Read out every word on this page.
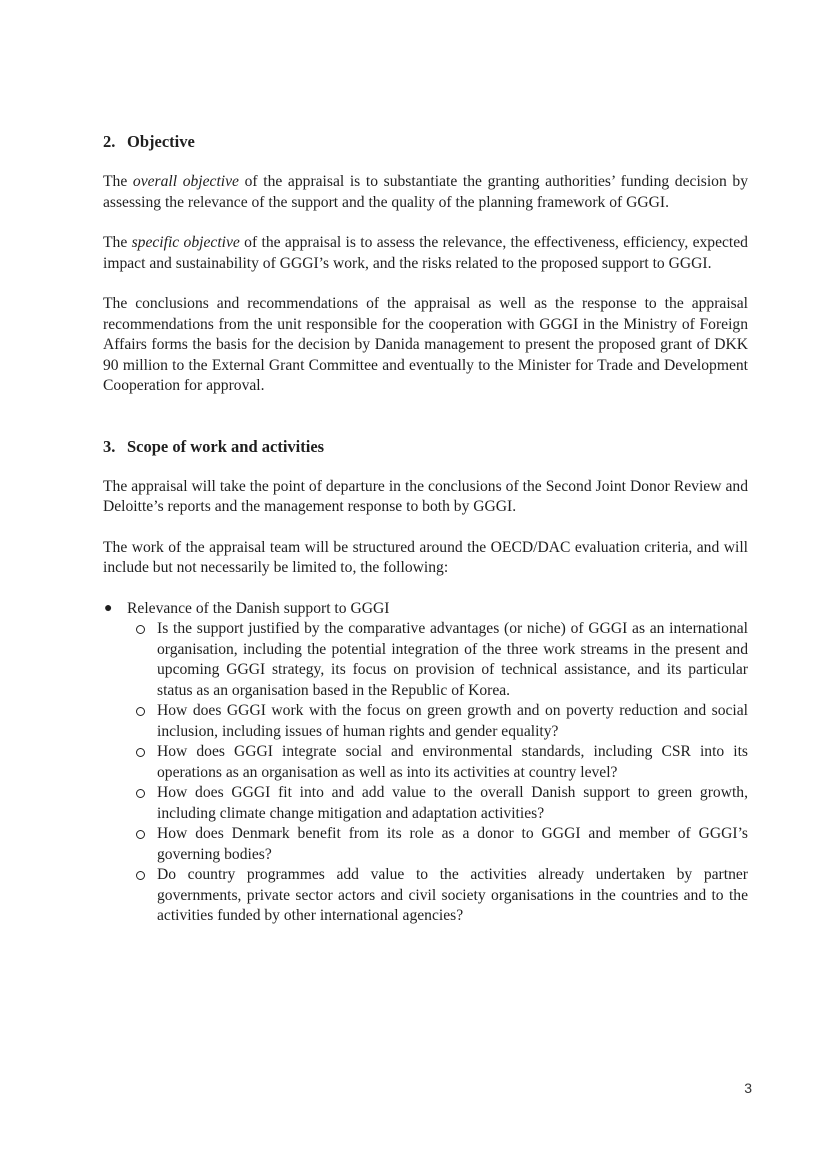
2. Objective

The overall objective of the appraisal is to substantiate the granting authorities’ funding decision by assessing the relevance of the support and the quality of the planning framework of GGGI.

The specific objective of the appraisal is to assess the relevance, the effectiveness, efficiency, expected impact and sustainability of GGGI’s work, and the risks related to the proposed support to GGGI.

The conclusions and recommendations of the appraisal as well as the response to the appraisal recommendations from the unit responsible for the cooperation with GGGI in the Ministry of Foreign Affairs forms the basis for the decision by Danida management to present the proposed grant of DKK 90 million to the External Grant Committee and eventually to the Minister for Trade and Development Cooperation for approval.

3. Scope of work and activities

The appraisal will take the point of departure in the conclusions of the Second Joint Donor Review and Deloitte’s reports and the management response to both by GGGI.

The work of the appraisal team will be structured around the OECD/DAC evaluation criteria, and will include but not necessarily be limited to, the following:

● Relevance of the Danish support to GGGI
Is the support justified by the comparative advantages (or niche) of GGGI as an international organisation, including the potential integration of the three work streams in the present and upcoming GGGI strategy, its focus on provision of technical assistance, and its particular status as an organisation based in the Republic of Korea.
How does GGGI work with the focus on green growth and on poverty reduction and social inclusion, including issues of human rights and gender equality?
How does GGGI integrate social and environmental standards, including CSR into its operations as an organisation as well as into its activities at country level?
How does GGGI fit into and add value to the overall Danish support to green growth, including climate change mitigation and adaptation activities?
How does Denmark benefit from its role as a donor to GGGI and member of GGGI’s governing bodies?
Do country programmes add value to the activities already undertaken by partner governments, private sector actors and civil society organisations in the countries and to the activities funded by other international agencies?
3
